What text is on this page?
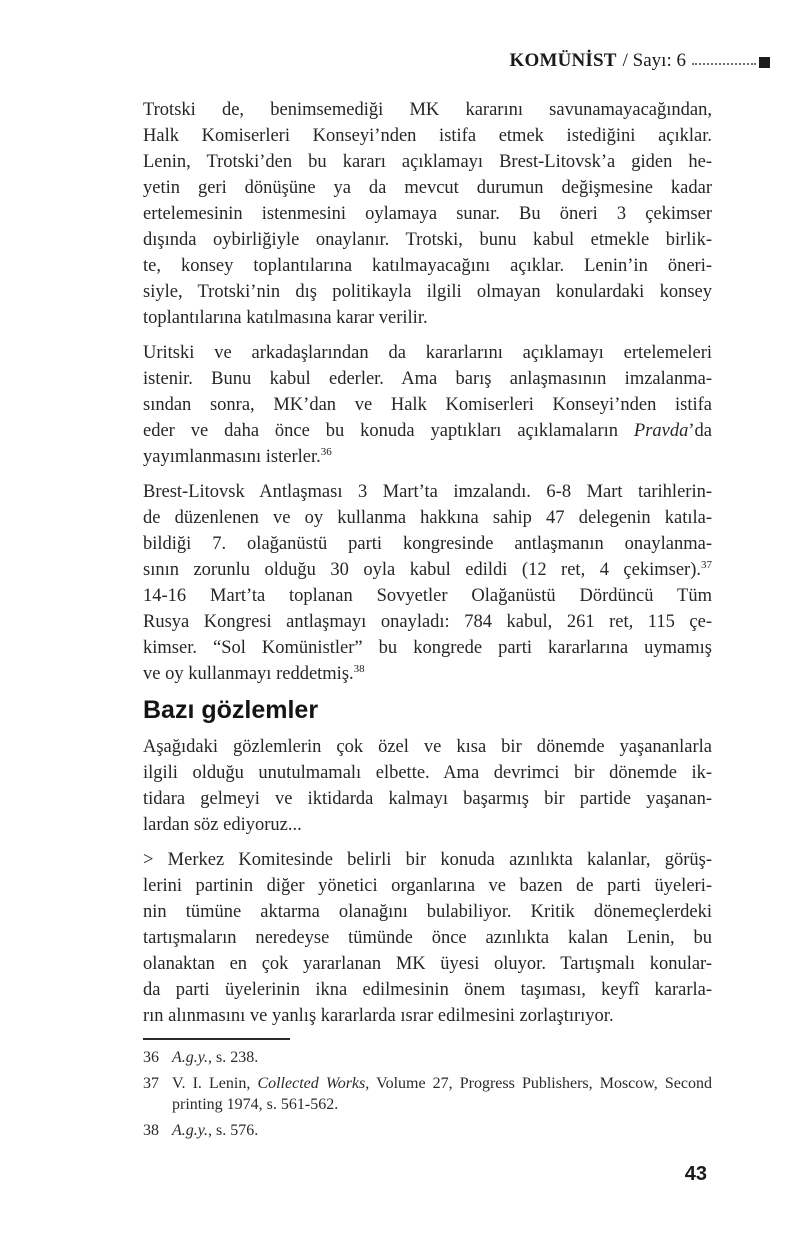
KOMÜNİST / Sayı: 6
Trotski de, benimsemediği MK kararını savunamayacağından,
Halk Komiserleri Konseyi’nden istifa etmek istediğini açıklar.
Lenin, Trotski’den bu kararı açıklamayı Brest-Litovsk’a giden he-
yetin geri dönüşüne ya da mevcut durumun değişmesine kadar
ertelemesinin istenmesini oylamaya sunar. Bu öneri 3 çekimser
dışında oybirliğiyle onaylanır. Trotski, bunu kabul etmekle birlik-
te, konsey toplantılarına katılmayacağını açıklar. Lenin’in öneri-
siyle, Trotski’nin dış politikayla ilgili olmayan konulardaki konsey
toplantılarına katılmasına karar verilir.
Uritski ve arkadaşlarından da kararlarını açıklamayı ertelemeleri
istenir. Bunu kabul ederler. Ama barış anlaşmasının imzalanma-
sından sonra, MK’dan ve Halk Komiserleri Konseyi’nden istifa
eder ve daha önce bu konuda yaptıkları açıklamaların Pravda’da
yayımlanmasını isterler.$^{36}$
Brest-Litovsk Antlaşması 3 Mart’ta imzalandı. 6-8 Mart tarihlerin-
de düzenlenen ve oy kullanma hakkına sahip 47 delegenin katıla-
bildiği 7. olağanüstü parti kongresinde antlaşmanın onaylanma-
sının zorunlu olduğu 30 oyla kabul edildi (12 ret, 4 çekimser).$^{37}$
14-16 Mart’ta toplanan Sovyetler Olağanüstü Dördüncü Tüm
Rusya Kongresi antlaşmayı onayladı: 784 kabul, 261 ret, 115 çe-
kimser. “Sol Komünistler” bu kongrede parti kararlarına uymamış
ve oy kullanmayı reddetmiş.$^{38}$
Bazı gözlemler
Aşağıdaki gözlemlerin çok özel ve kısa bir dönemde yaşananlarla
ilgili olduğu unutulmamalı elbette. Ama devrimci bir dönemde ik-
tidara gelmeyi ve iktidarda kalmayı başarmış bir partide yaşanan-
lardan söz ediyoruz...
> Merkez Komitesinde belirli bir konuda azınlıkta kalanlar, görüş-
lerini partinin diğer yönetici organlarına ve bazen de parti üyeleri-
nin tümüne aktarma olanağını bulabiliyor. Kritik dönemeçlerdeki
tartışmaların neredeyse tümünde önce azınlıkta kalan Lenin, bu
olanaktan en çok yararlanan MK üyesi oluyor. Tartışmalı konular-
da parti üyelerinin ikna edilmesinin önem taşıması, keyfî kararla-
rın alınmasını ve yanlış kararlarda ısrar edilmesini zorlaştırıyor.
36 A.g.y., s. 238.
37 V. I. Lenin, Collected Works, Volume 27, Progress Publishers, Moscow, Second
printing 1974, s. 561-562.
38 A.g.y., s. 576.
43
